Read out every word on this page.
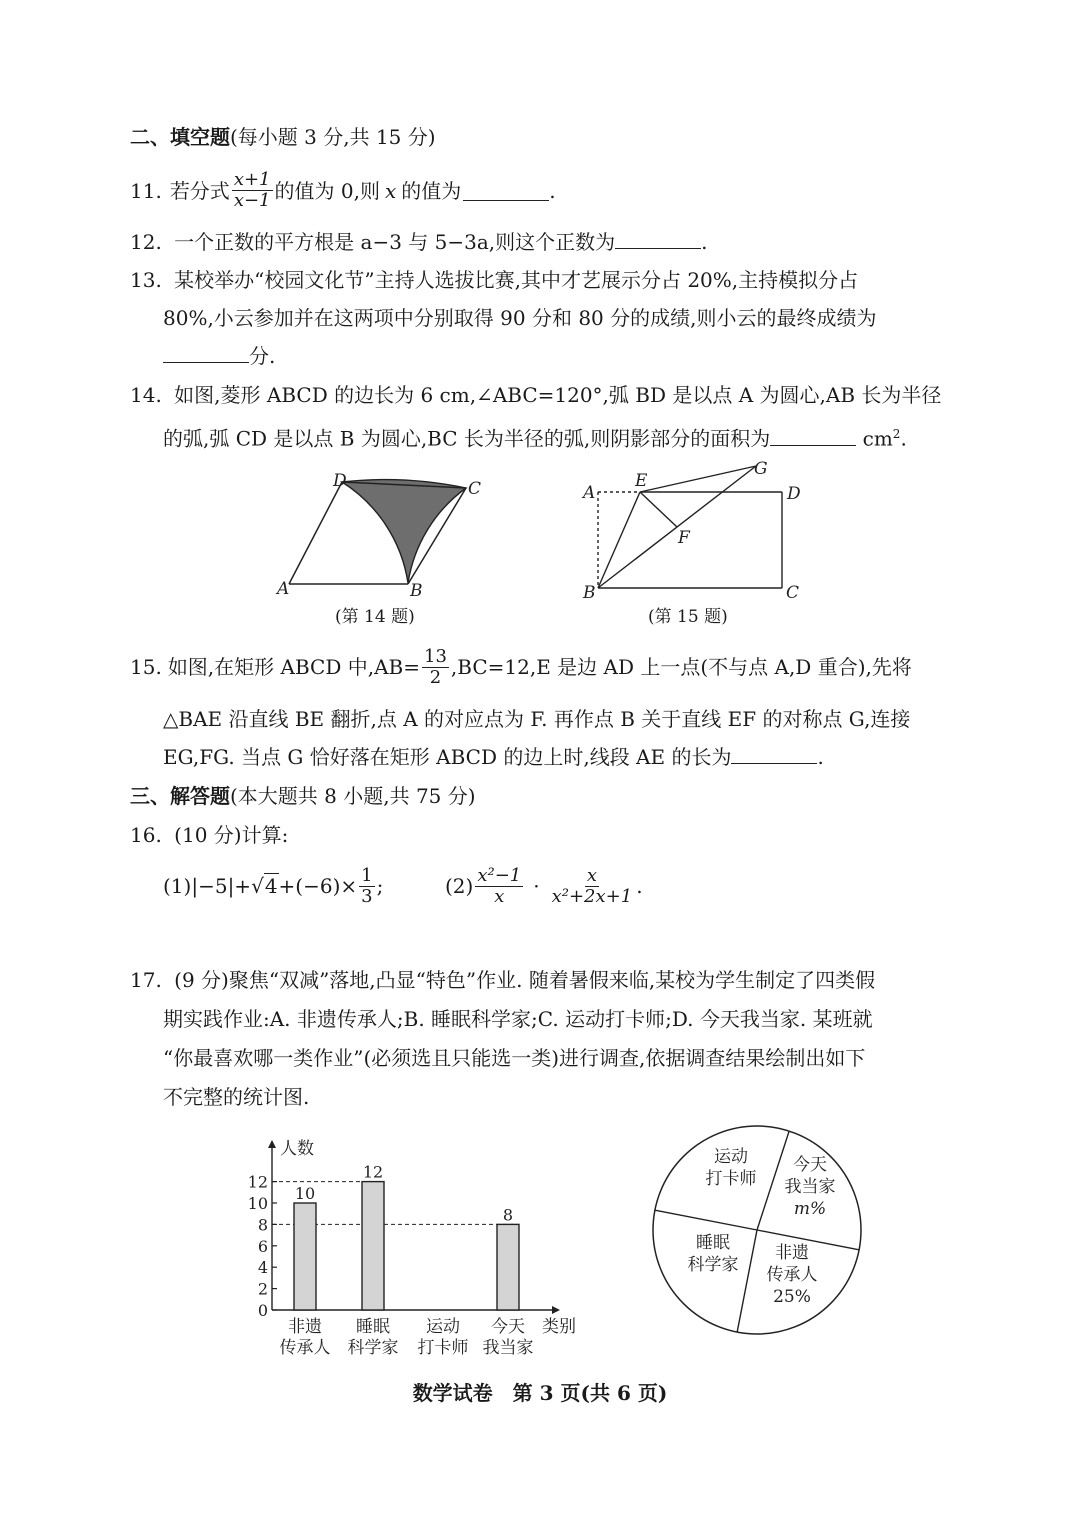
二、填空题(每小题 3 分,共 15 分)
11. 若分式 $\frac{x+1}{x-1}$ 的值为 0,则 x 的值为	.
12. 一个正数的平方根是 a−3 与 5−3a,则这个正数为	.
13. 某校举办“校园文化节”主持人选拔比赛,其中才艺展示分占 20%,主持模拟分占
80%,小云参加并在这两项中分别取得 90 分和 80 分的成绩,则小云的最终成绩为
分.
14. 如图,菱形 ABCD 的边长为 6 cm,∠ABC=120°,弧 BD 是以点 A 为圆心,AB 长为半径
的弧,弧 CD 是以点 B 为圆心,BC 长为半径的弧,则阴影部分的面积为	$cm^2$.
A	B
C
D
(第 14 题)
A
B	C
D
E
F
G
(第 15 题)
15. 如图,在矩形 ABCD 中$,AB= \frac{13}{2} ,BC=12,E$ 是边 AD 上一点(不与点 A,D 重合),先将
△BAE 沿直线 BE 翻折,点 A 的对应点为 F. 再作点 B 关于直线 EF 的对称点 G,连接
EG,FG. 当点 G 恰好落在矩形 ABCD 的边上时,线段 AE 的长为	.
三、解答题(本大题共 8 小题,共 75 分)
16. (10 分)计算:
(1) $|-5|+ √4 +(-6)\times \frac{1}{3}$ ;	$(2) \frac{\text{x²−1}}{x} \cdot \frac{x}{\text{x²+2x+1}}$ .
17. (9 分)聚焦“双减”落地,凸显“特色”作业. 随着暑假来临,某校为学生制定了四类假
期实践作业:A. 非遗传承人;B. 睡眠科学家;C. 运动打卡师;D. 今天我当家. 某班就
“你最喜欢哪一类作业”(必须选且只能选一类)进行调查,依据调查结果绘制出如下
不完整的统计图.
人数
类别
0
2
4
6
8
10
12
10
12
8
非遗
传承人
睡眠
科学家
运动
打卡师
今天
我当家
运动
打卡师
今天
我当家
m%
非遗
传承人
25%
睡眠
科学家
数学试卷　第 3 页(共 6 页)
